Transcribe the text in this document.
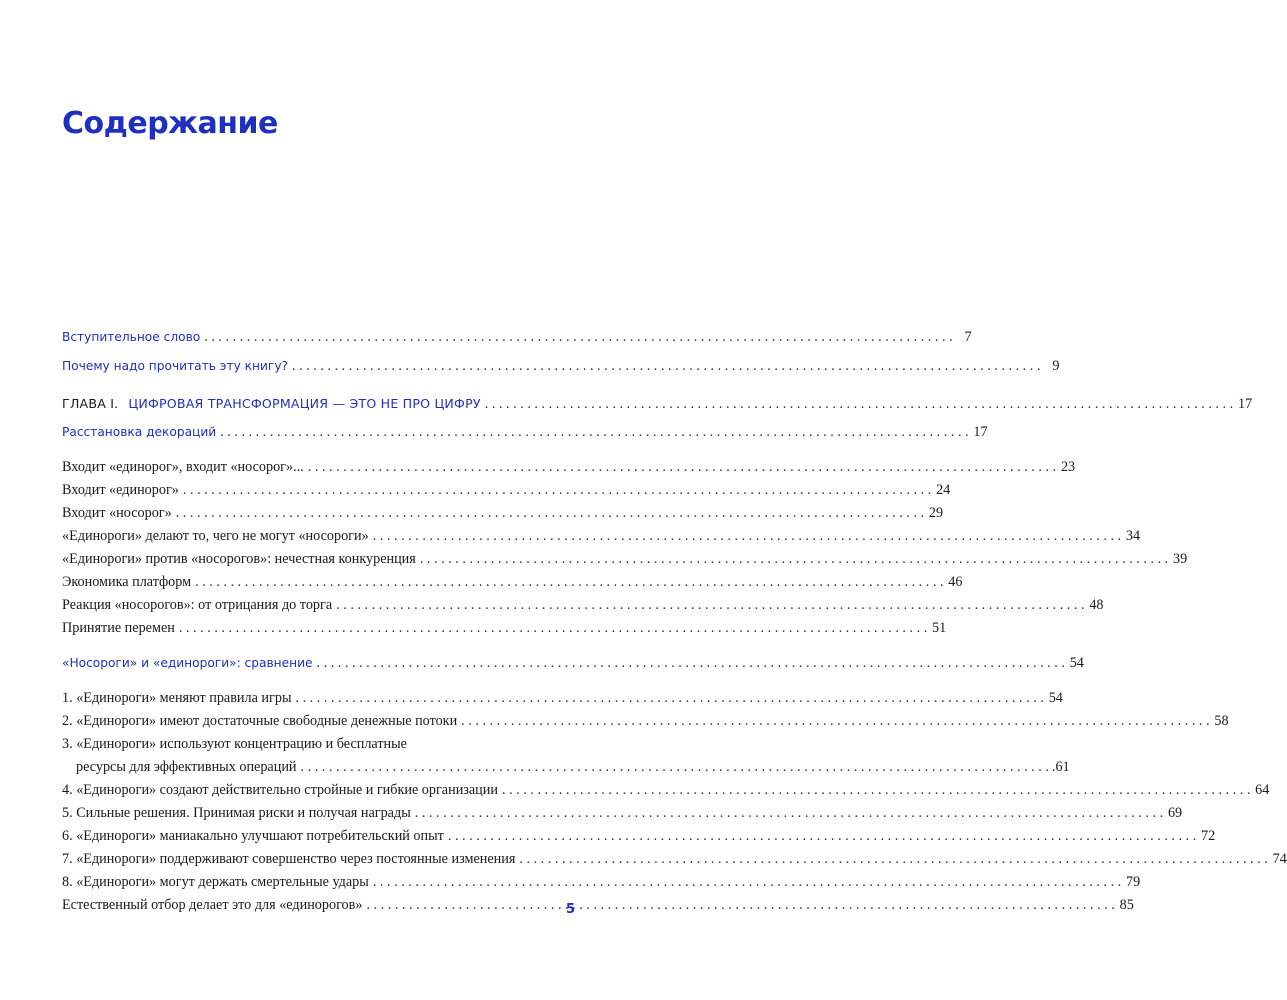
Содержание
Вступительное слово . . .	7
Почему надо прочитать эту книгу? . . .	9
ГЛАВА I. ЦИФРОВАЯ ТРАНСФОРМАЦИЯ — ЭТО НЕ ПРО ЦИФРУ . . .	17
Расстановка декораций . . .	17
Входит «единорог», входит «носорог»... . . .	23
Входит «единорог» . . .	24
Входит «носорог» . . .	29
«Единороги» делают то, чего не могут «носороги» . . .	34
«Единороги» против «носорогов»: нечестная конкуренция . . .	39
Экономика платформ . . .	46
Реакция «носорогов»: от отрицания до торга . . .	48
Принятие перемен . . .	51
«Носороги» и «единороги»: сравнение . . .	54
1. «Единороги» меняют правила игры . . .	54
2. «Единороги» имеют достаточные свободные денежные потоки . . .	58
3. «Единороги» используют концентрацию и бесплатные
ресурсы для эффективных операций . . .	.61
4. «Единороги» создают действительно стройные и гибкие организации . . .	64
5. Сильные решения. Принимая риски и получая награды . . .	69
6. «Единороги» маниакально улучшают потребительский опыт . . .	72
7. «Единороги» поддерживают совершенство через постоянные изменения . . .	74
8. «Единороги» могут держать смертельные удары . . .	79
Естественный отбор делает это для «единорогов» . . .	85
5
